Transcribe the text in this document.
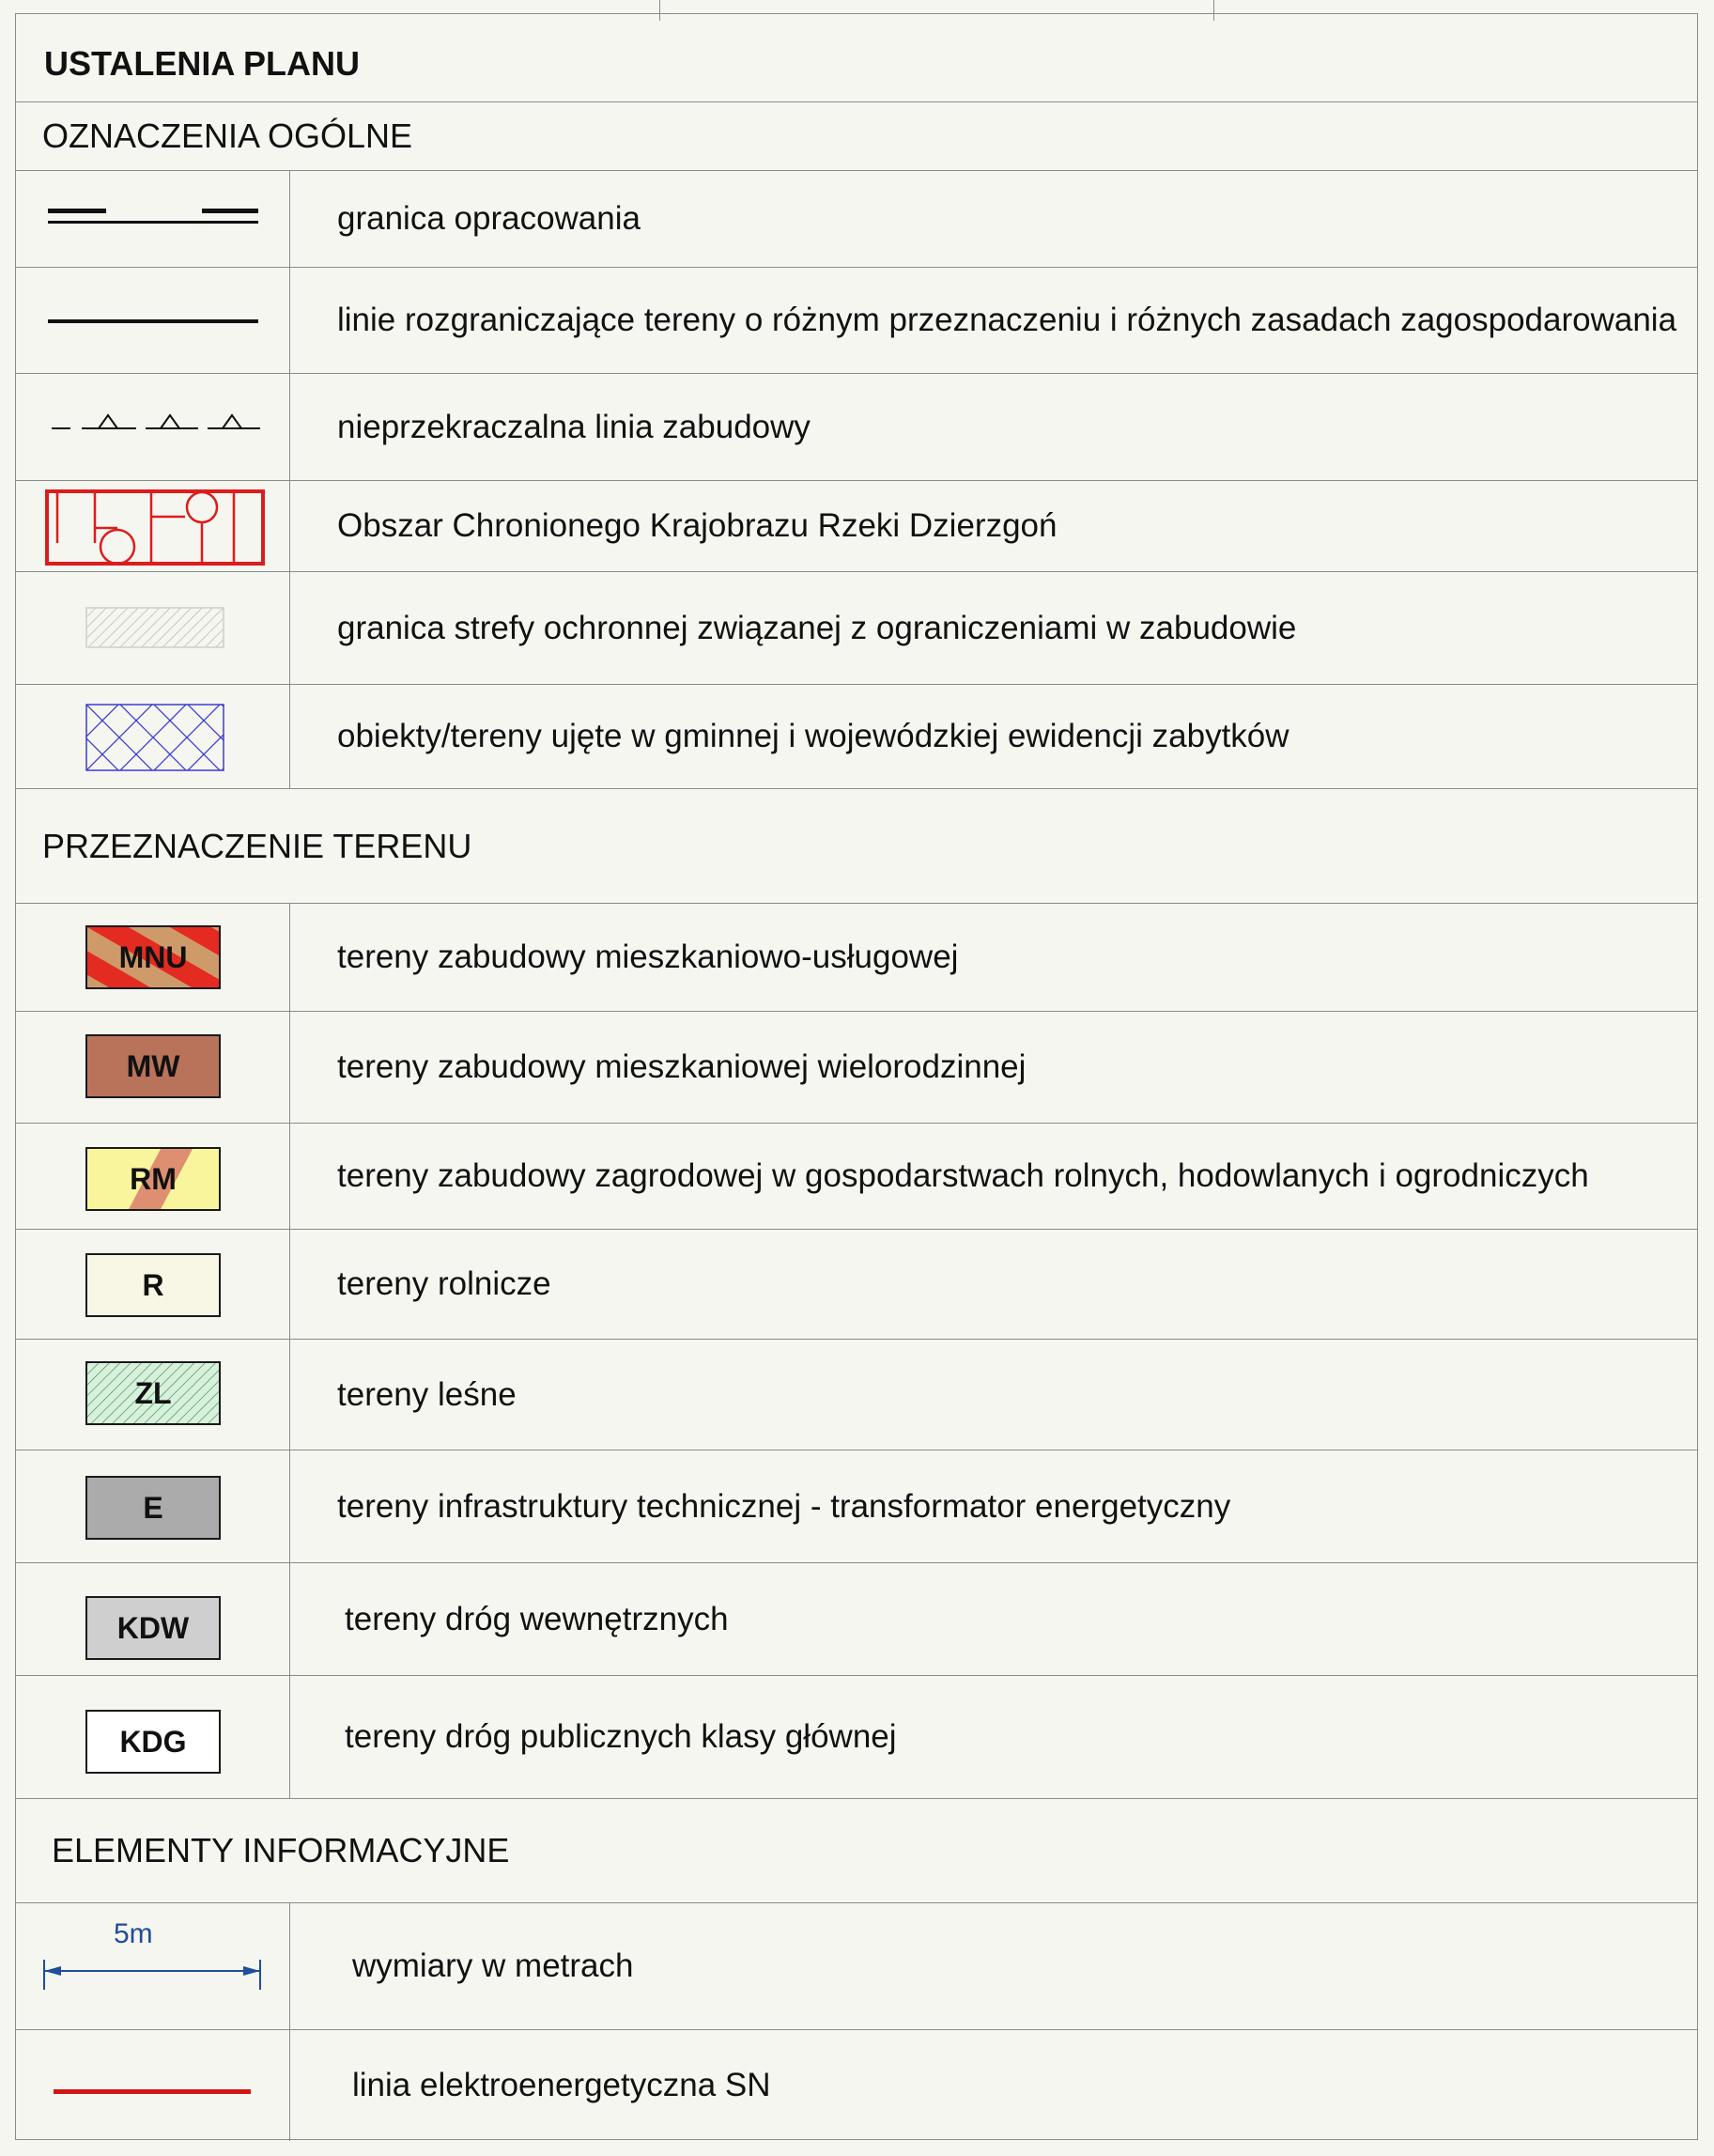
USTALENIA PLANU
OZNACZENIA OGÓLNE
granica opracowania
linie rozgraniczające tereny o różnym przeznaczeniu i różnych zasadach zagospodarowania
nieprzekraczalna linia zabudowy
Obszar Chronionego Krajobrazu Rzeki Dzierzgoń
granica strefy ochronnej związanej z ograniczeniami w zabudowie
obiekty/tereny ujęte w gminnej i wojewódzkiej ewidencji zabytków
PRZEZNACZENIE TERENU
MNU	tereny zabudowy mieszkaniowo-usługowej
MW	tereny zabudowy mieszkaniowej wielorodzinnej
RM	tereny zabudowy zagrodowej w gospodarstwach rolnych, hodowlanych i ogrodniczych
R	tereny rolnicze
ZL	tereny leśne
E	tereny infrastruktury technicznej - transformator energetyczny
KDW	tereny dróg wewnętrznych
KDG	tereny dróg publicznych klasy głównej
ELEMENTY INFORMACYJNE
5m
wymiary w metrach
linia elektroenergetyczna SN
